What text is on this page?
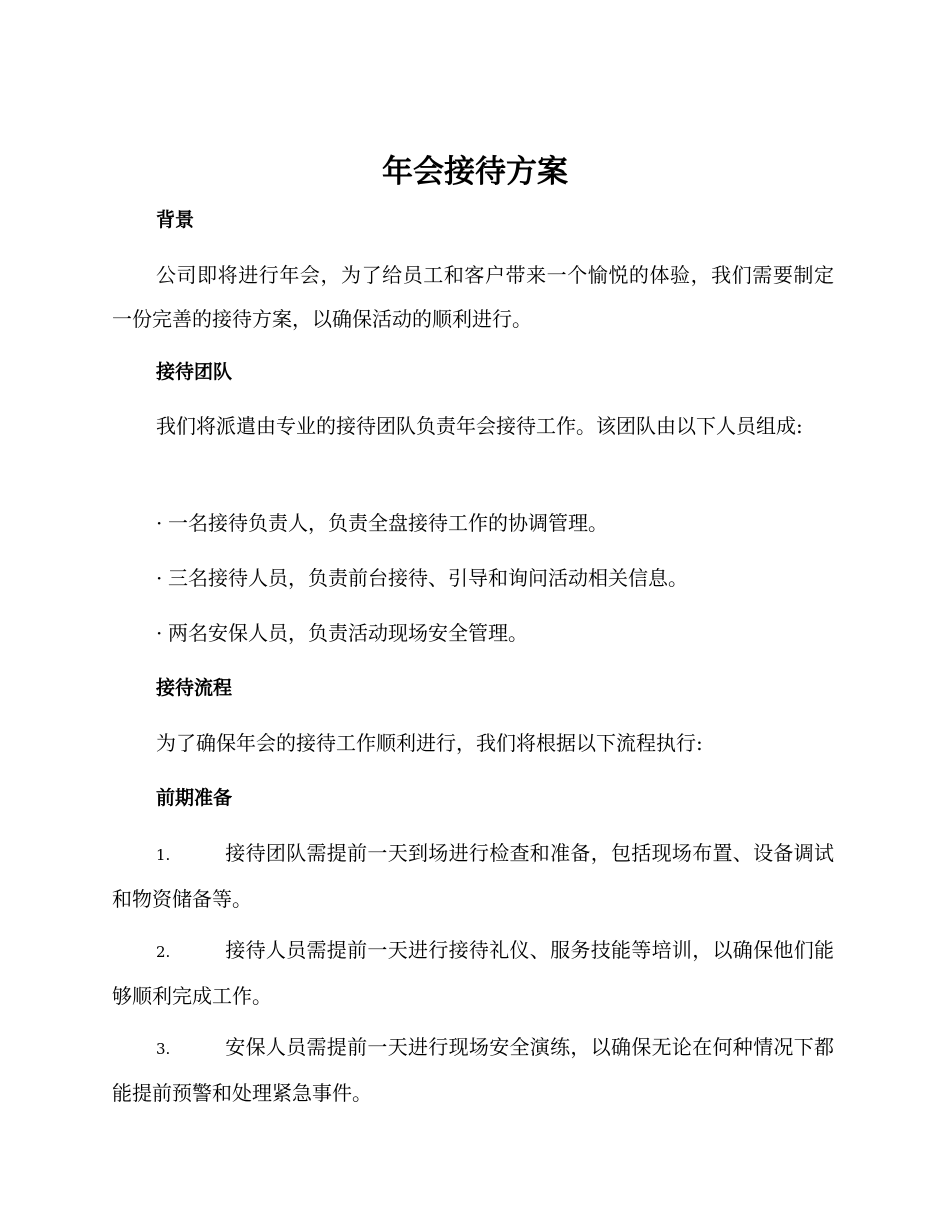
年会接待方案
背景

公司即将进行年会，为了给员工和客户带来一个愉悦的体验，我们需要制定一份完善的接待方案，以确保活动的顺利进行。

接待团队

我们将派遣由专业的接待团队负责年会接待工作。该团队由以下人员组成:

· 一名接待负责人，负责全盘接待工作的协调管理。

· 三名接待人员，负责前台接待、引导和询问活动相关信息。

· 两名安保人员，负责活动现场安全管理。

接待流程

为了确保年会的接待工作顺利进行，我们将根据以下流程执行:

前期准备

1.	接待团队需提前一天到场进行检查和准备，包括现场布置、设备调试和物资储备等。

2.	接待人员需提前一天进行接待礼仪、服务技能等培训，以确保他们能够顺利完成工作。

3.	安保人员需提前一天进行现场安全演练，以确保无论在何种情况下都能提前预警和处理紧急事件。
